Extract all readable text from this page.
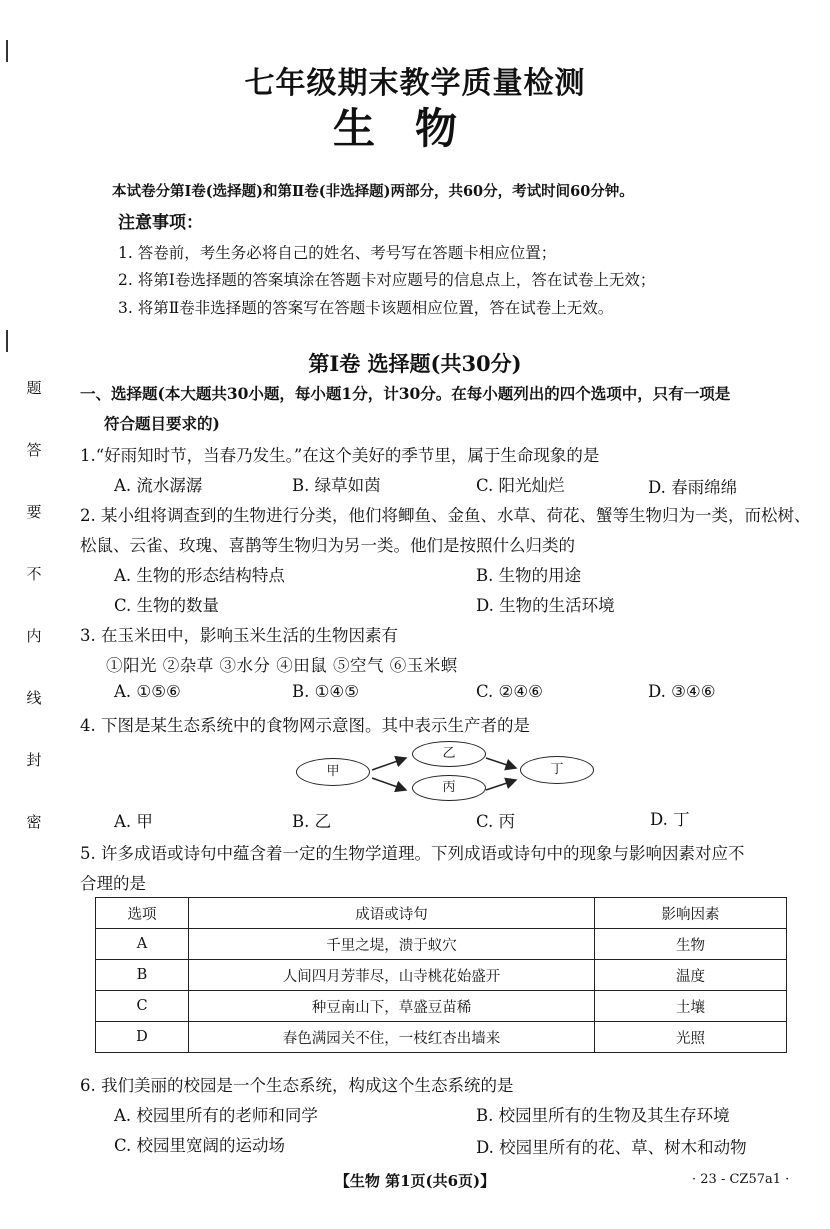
题
答
要
不
内
线
封
密
七年级期末教学质量检测
生物
本试卷分第Ⅰ卷(选择题)和第Ⅱ卷(非选择题)两部分，共60分，考试时间60分钟。
注意事项：
1. 答卷前，考生务必将自己的姓名、考号写在答题卡相应位置；
2. 将第Ⅰ卷选择题的答案填涂在答题卡对应题号的信息点上，答在试卷上无效；
3. 将第Ⅱ卷非选择题的答案写在答题卡该题相应位置，答在试卷上无效。
第Ⅰ卷 选择题(共30分)
一、选择题(本大题共30小题，每小题1分，计30分。在每小题列出的四个选项中，只有一项是
符合题目要求的)
1.“好雨知时节，当春乃发生。”在这个美好的季节里，属于生命现象的是
A. 流水潺潺	B. 绿草如茵	C. 阳光灿烂	D. 春雨绵绵
2. 某小组将调查到的生物进行分类，他们将鲫鱼、金鱼、水草、荷花、蟹等生物归为一类，而松树、
松鼠、云雀、玫瑰、喜鹊等生物归为另一类。他们是按照什么归类的
A. 生物的形态结构特点	B. 生物的用途
C. 生物的数量	D. 生物的生活环境
3. 在玉米田中，影响玉米生活的生物因素有
①阳光 ②杂草 ③水分 ④田鼠 ⑤空气 ⑥玉米螟
A. ①⑤⑥	B. ①④⑤	C. ②④⑥	D. ③④⑥
4. 下图是某生态系统中的食物网示意图。其中表示生产者的是
甲
乙
丙
丁
A. 甲	B. 乙	C. 丙	D. 丁
5. 许多成语或诗句中蕴含着一定的生物学道理。下列成语或诗句中的现象与影响因素对应不
合理的是
选项	成语或诗句	影响因素
A	千里之堤，溃于蚁穴	生物
B	人间四月芳菲尽，山寺桃花始盛开	温度
C	种豆南山下，草盛豆苗稀	土壤
D	春色满园关不住，一枝红杏出墙来	光照
6. 我们美丽的校园是一个生态系统，构成这个生态系统的是
A. 校园里所有的老师和同学	B. 校园里所有的生物及其生存环境
C. 校园里宽阔的运动场	D. 校园里所有的花、草、树木和动物
【生物 第1页(共6页)】	· 23 - CZ57a1 ·
